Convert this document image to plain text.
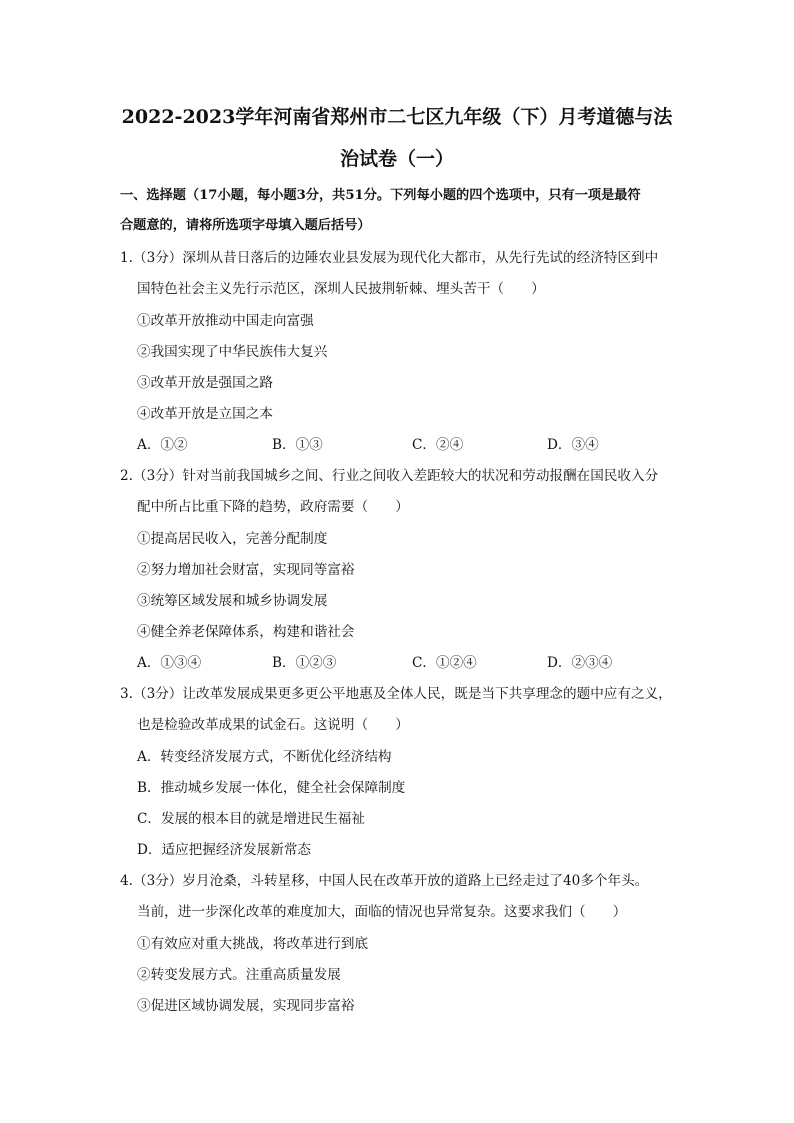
2022-2023学年河南省郑州市二七区九年级（下）月考道德与法
治试卷（一）
一、选择题（17小题，每小题3分，共51分。下列每小题的四个选项中，只有一项是最符
合题意的，请将所选项字母填入题后括号）
1.（3分）深圳从昔日落后的边陲农业县发展为现代化大都市，从先行先试的经济特区到中
国特色社会主义先行示范区，深圳人民披荆斩棘、埋头苦干（　　）
①改革开放推动中国走向富强
②我国实现了中华民族伟大复兴
③改革开放是强国之路
④改革开放是立国之本
A．①②	B．①③	C．②④	D．③④
2.（3分）针对当前我国城乡之间、行业之间收入差距较大的状况和劳动报酬在国民收入分
配中所占比重下降的趋势，政府需要（　　）
①提高居民收入，完善分配制度
②努力增加社会财富，实现同等富裕
③统筹区域发展和城乡协调发展
④健全养老保障体系，构建和谐社会
A．①③④	B．①②③	C．①②④	D．②③④
3.（3分）让改革发展成果更多更公平地惠及全体人民，既是当下共享理念的题中应有之义，
也是检验改革成果的试金石。这说明（　　）
A．转变经济发展方式，不断优化经济结构
B．推动城乡发展一体化，健全社会保障制度
C．发展的根本目的就是增进民生福祉
D．适应把握经济发展新常态
4.（3分）岁月沧桑，斗转星移，中国人民在改革开放的道路上已经走过了40多个年头。
当前，进一步深化改革的难度加大，面临的情况也异常复杂。这要求我们（　　）
①有效应对重大挑战，将改革进行到底
②转变发展方式。注重高质量发展
③促进区域协调发展，实现同步富裕
